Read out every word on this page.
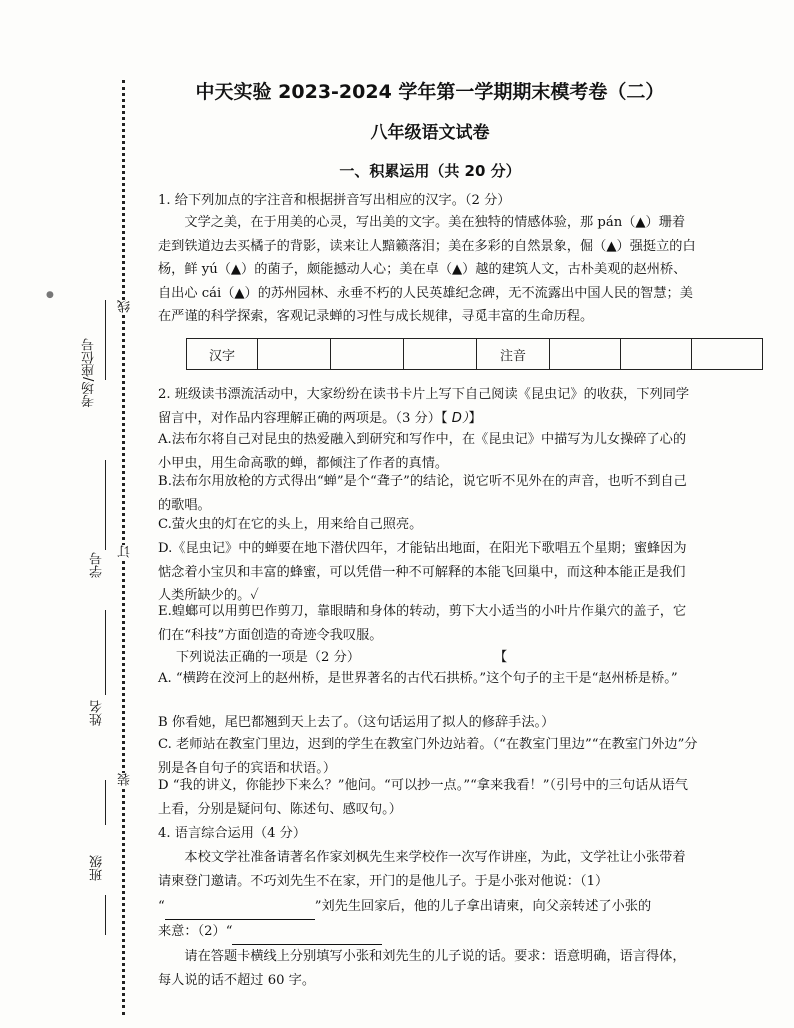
线
订
装
考场/座位号
学号
姓名
班级
●
中天实验 2023-2024 学年第一学期期末模考卷（二）
八年级语文试卷
一、积累运用（共 20 分）
1. 给下列加点的字注音和根据拼音写出相应的汉字。（2 分）
文学之美，在于用美的心灵，写出美的文字。美在独特的情感体验，那 pán（▲）珊着走到铁道边去买橘子的背影，读来让人黯籁落泪；美在多彩的自然景象，倔（▲）强挺立的白杨，鲜 yú（▲）的菌子，颇能撼动人心；美在卓（▲）越的建筑人文，古朴美观的赵州桥、自出心 cái（▲）的苏州园林、永垂不朽的人民英雄纪念碑，无不流露出中国人民的智慧；美在严谨的科学探索，客观记录蝉的习性与成长规律，寻觅丰富的生命历程。
汉字				注音			
2. 班级读书漂流活动中，大家纷纷在读书卡片上写下自己阅读《昆虫记》的收获，下列同学留言中，对作品内容理解正确的两项是。（3 分）【 D）】
A.法布尔将自己对昆虫的热爱融入到研究和写作中，在《昆虫记》中描写为儿女操碎了心的小甲虫，用生命高歌的蝉，都倾注了作者的真情。
B.法布尔用放枪的方式得出“蝉”是个“聋子”的结论，说它听不见外在的声音，也听不到自己的歌唱。
C.萤火虫的灯在它的头上，用来给自己照亮。
D.《昆虫记》中的蝉要在地下潜伏四年，才能钻出地面，在阳光下歌唱五个星期；蜜蜂因为惦念着小宝贝和丰富的蜂蜜，可以凭借一种不可解释的本能飞回巢中，而这种本能正是我们人类所缺少的。✓
E.蝗螂可以用剪巴作剪刀，靠眼睛和身体的转动，剪下大小适当的小叶片作巢穴的盖子，它们在“科技”方面创造的奇迹令我叹服。
下列说法正确的一项是（2 分）	【
A. “横跨在洨河上的赵州桥，是世界著名的古代石拱桥。”这个句子的主干是“赵州桥是桥。”
B 你看她，尾巴都翘到天上去了。（这句话运用了拟人的修辞手法。）
C. 老师站在教室门里边，迟到的学生在教室门外边站着。（“在教室门里边”“在教室门外边”分别是各自句子的宾语和状语。）
D “我的讲义，你能抄下来么？”他问。“可以抄一点。”“拿来我看！”（引号中的三句话从语气上看，分别是疑问句、陈述句、感叹句。）
4. 语言综合运用（4 分）
本校文学社准备请著名作家刘枫先生来学校作一次写作讲座，为此，文学社让小张带着请柬登门邀请。不巧刘先生不在家，开门的是他儿子。于是小张对他说：（1）
“	”刘先生回家后，他的儿子拿出请柬，向父亲转述了小张的
来意：（2）“
请在答题卡横线上分别填写小张和刘先生的儿子说的话。要求：语意明确，语言得体，每人说的话不超过 60 字。
